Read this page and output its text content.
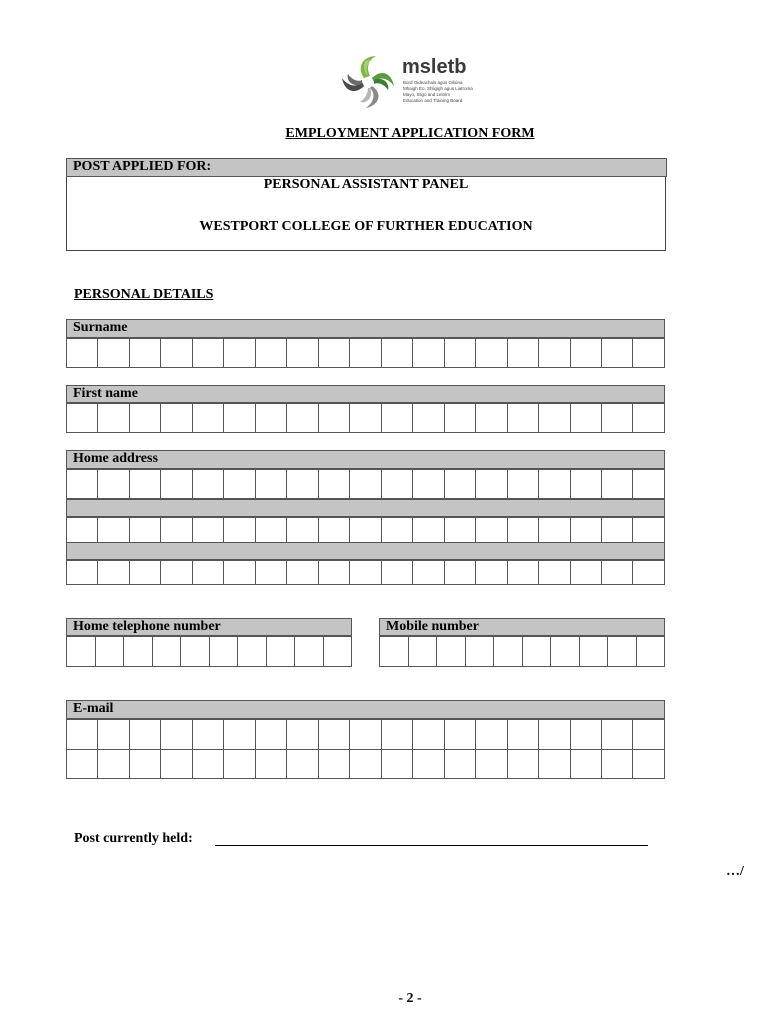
msletb
Bord Oideachais agus Oiliúna
Mhaigh Eo, Shligigh agus Liatroma
Mayo, Sligo and Leitrim
Education and Training Board
EMPLOYMENT APPLICATION FORM
POST APPLIED FOR:
PERSONAL ASSISTANT PANEL
WESTPORT COLLEGE OF FURTHER EDUCATION
PERSONAL DETAILS
Surname

First name

Home address

Home telephone number
										Mobile number

E-mail

Post currently held:
…/
- 2 -
